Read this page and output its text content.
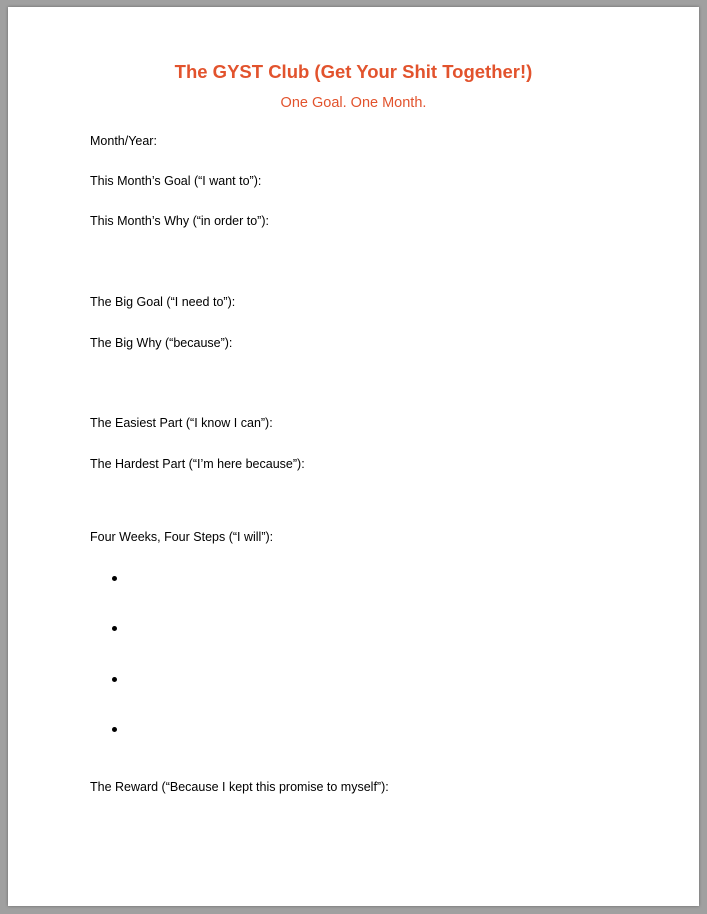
The GYST Club (Get Your Shit Together!)
One Goal. One Month.
Month/Year:
This Month’s Goal (“I want to”):
This Month’s Why (“in order to”):
The Big Goal (“I need to”):
The Big Why (“because”):
The Easiest Part (“I know I can”):
The Hardest Part (“I’m here because”):
Four Weeks, Four Steps (“I will”):
The Reward (“Because I kept this promise to myself”):
